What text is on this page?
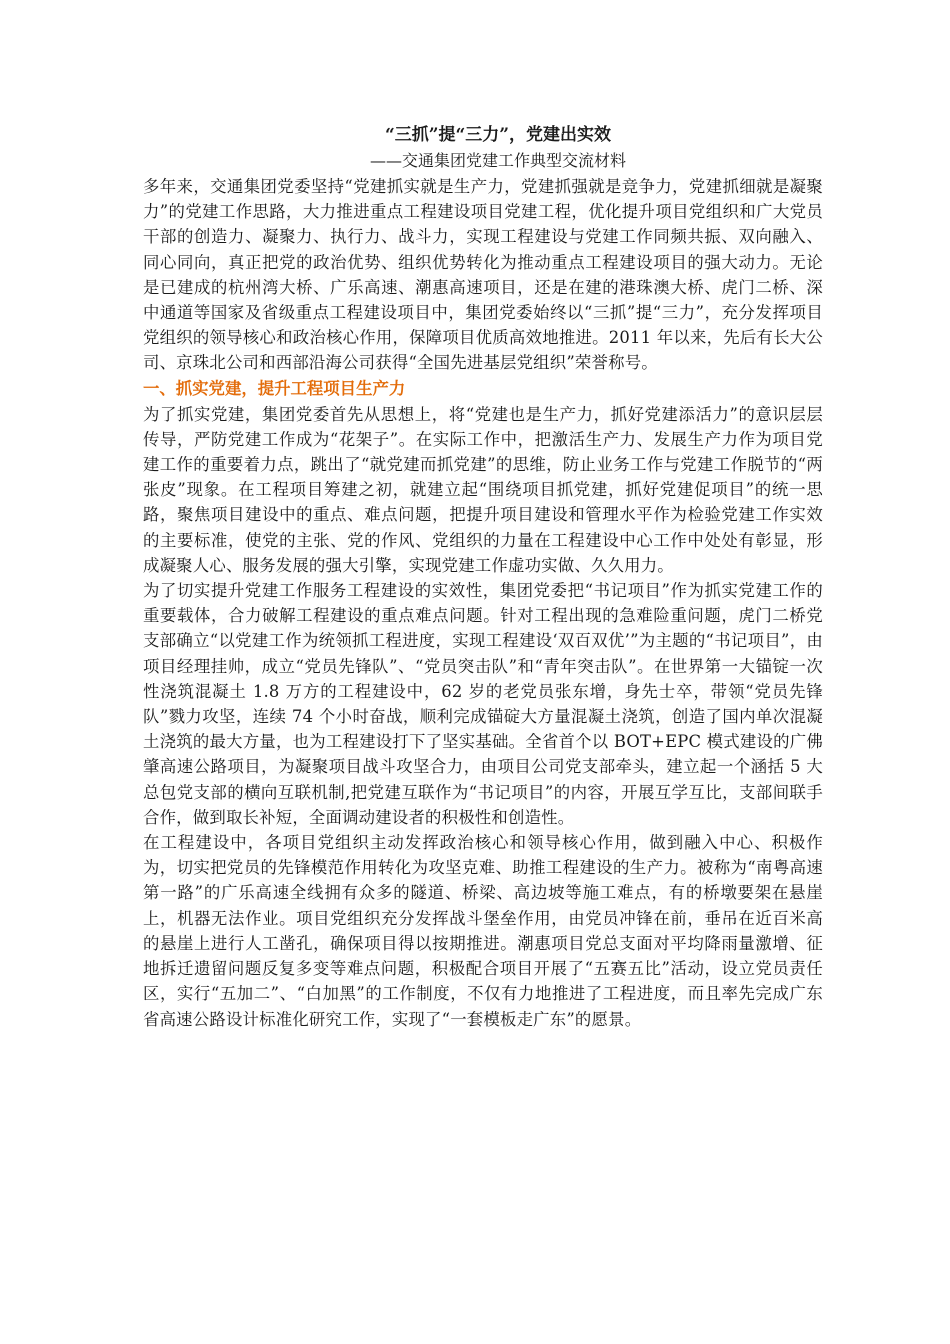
“三抓”提“三力”，党建出实效

——交通集团党建工作典型交流材料

多年来，交通集团党委坚持“党建抓实就是生产力，党建抓强就是竞争力，党建抓细就是凝聚力”的党建工作思路，大力推进重点工程建设项目党建工程，优化提升项目党组织和广大党员干部的创造力、凝聚力、执行力、战斗力，实现工程建设与党建工作同频共振、双向融入、同心同向，真正把党的政治优势、组织优势转化为推动重点工程建设项目的强大动力。无论是已建成的杭州湾大桥、广乐高速、潮惠高速项目，还是在建的港珠澳大桥、虎门二桥、深中通道等国家及省级重点工程建设项目中，集团党委始终以“三抓”提“三力”，充分发挥项目党组织的领导核心和政治核心作用，保障项目优质高效地推进。2011 年以来，先后有长大公司、京珠北公司和西部沿海公司获得“全国先进基层党组织”荣誉称号。

一、抓实党建，提升工程项目生产力

为了抓实党建，集团党委首先从思想上，将“党建也是生产力，抓好党建添活力”的意识层层传导，严防党建工作成为“花架子”。在实际工作中，把激活生产力、发展生产力作为项目党建工作的重要着力点，跳出了“就党建而抓党建”的思维，防止业务工作与党建工作脱节的“两张皮”现象。在工程项目筹建之初，就建立起“围绕项目抓党建，抓好党建促项目”的统一思路，聚焦项目建设中的重点、难点问题，把提升项目建设和管理水平作为检验党建工作实效的主要标准，使党的主张、党的作风、党组织的力量在工程建设中心工作中处处有彰显，形成凝聚人心、服务发展的强大引擎，实现党建工作虚功实做、久久用力。

为了切实提升党建工作服务工程建设的实效性，集团党委把“书记项目”作为抓实党建工作的重要载体，合力破解工程建设的重点难点问题。针对工程出现的急难险重问题，虎门二桥党支部确立“以党建工作为统领抓工程进度，实现工程建设‘双百双优’”为主题的“书记项目”，由项目经理挂帅，成立“党员先锋队”、“党员突击队”和“青年突击队”。在世界第一大锚锭一次性浇筑混凝土 1.8 万方的工程建设中，62 岁的老党员张东增，身先士卒，带领“党员先锋队”戮力攻坚，连续 74 个小时奋战，顺利完成锚碇大方量混凝土浇筑，创造了国内单次混凝土浇筑的最大方量，也为工程建设打下了坚实基础。全省首个以 BOT+EPC 模式建设的广佛肇高速公路项目，为凝聚项目战斗攻坚合力，由项目公司党支部牵头，建立起一个涵括 5 大总包党支部的横向互联机制,把党建互联作为“书记项目”的内容，开展互学互比，支部间联手合作，做到取长补短，全面调动建设者的积极性和创造性。

在工程建设中，各项目党组织主动发挥政治核心和领导核心作用，做到融入中心、积极作为，切实把党员的先锋模范作用转化为攻坚克难、助推工程建设的生产力。被称为“南粤高速第一路”的广乐高速全线拥有众多的隧道、桥梁、高边坡等施工难点，有的桥墩要架在悬崖上，机器无法作业。项目党组织充分发挥战斗堡垒作用，由党员冲锋在前，垂吊在近百米高的悬崖上进行人工凿孔，确保项目得以按期推进。潮惠项目党总支面对平均降雨量激增、征地拆迁遗留问题反复多变等难点问题，积极配合项目开展了“五赛五比”活动，设立党员责任区，实行“五加二”、“白加黑”的工作制度，不仅有力地推进了工程进度，而且率先完成广东省高速公路设计标准化研究工作，实现了“一套模板走广东”的愿景。
